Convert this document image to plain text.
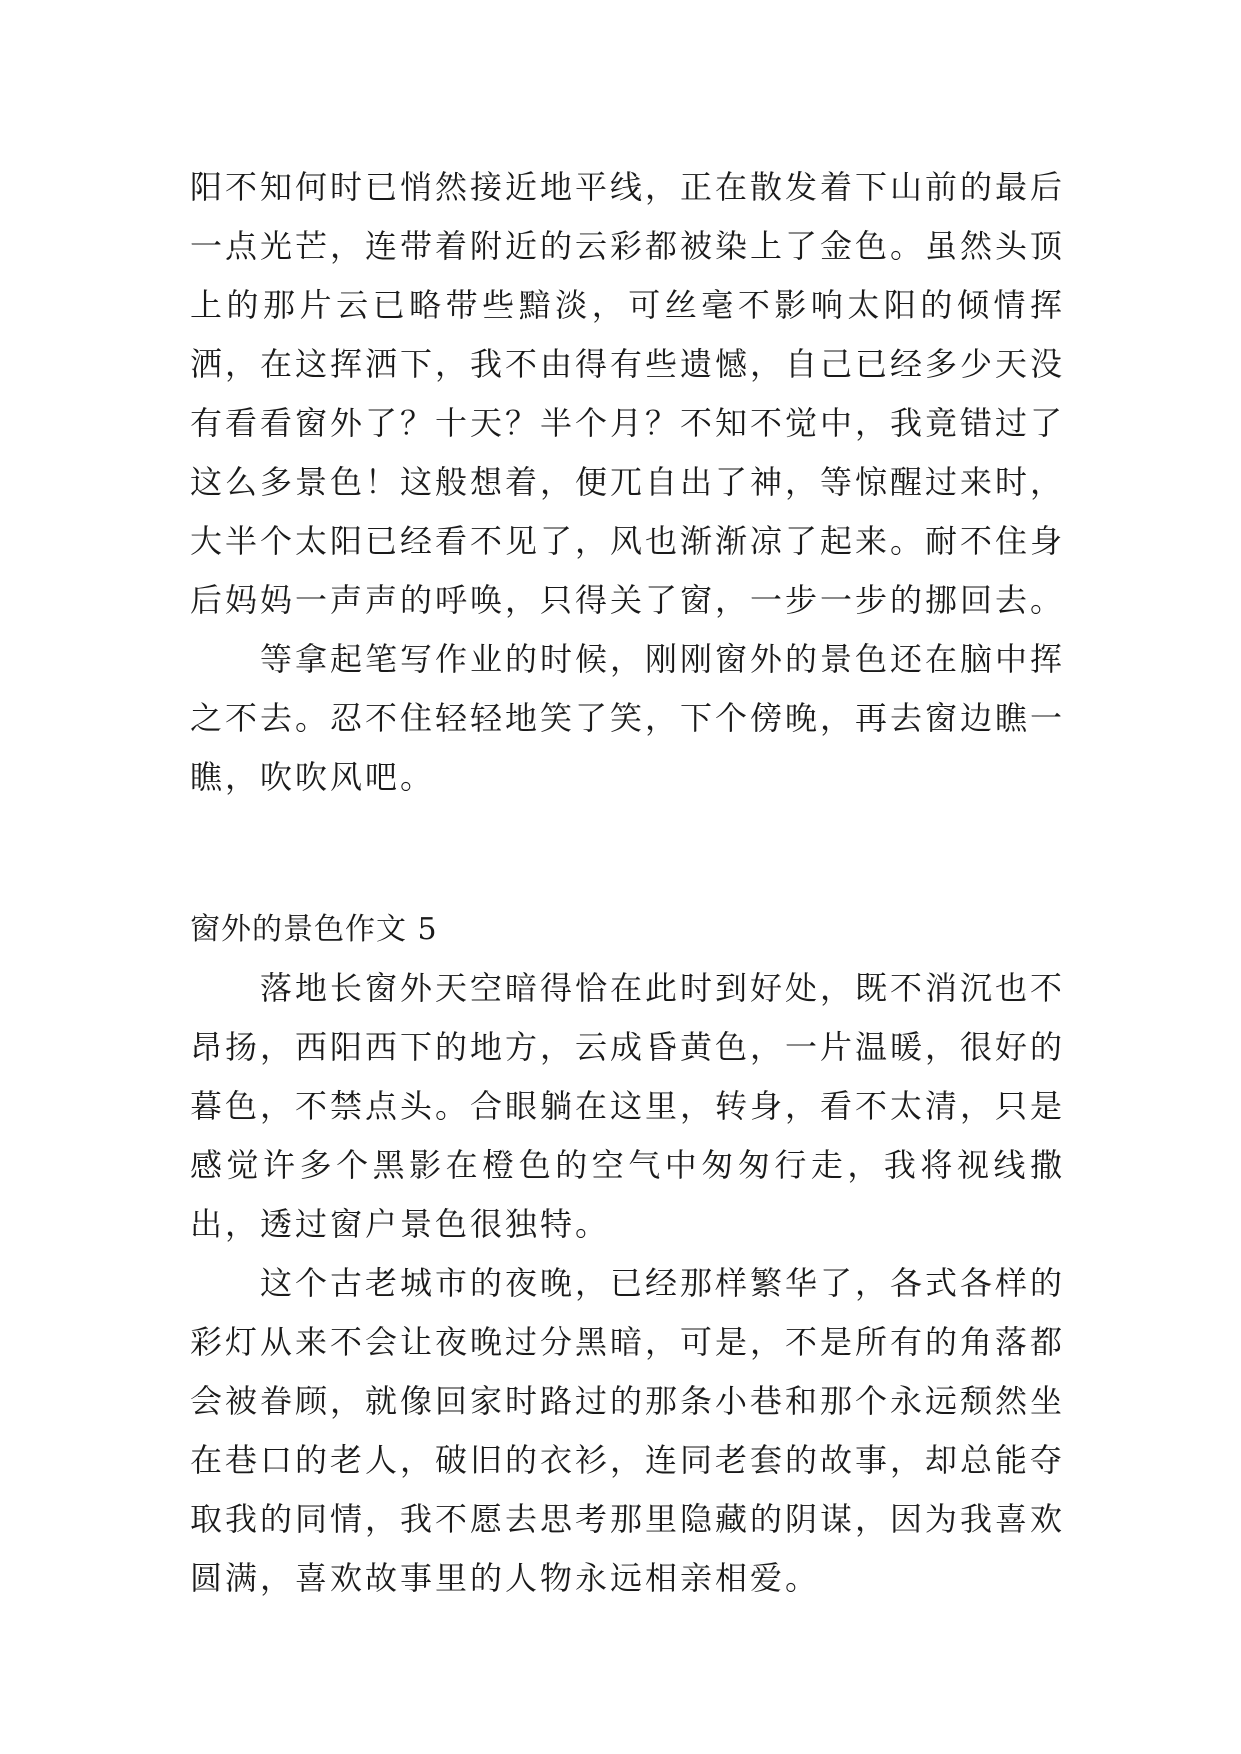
阳不知何时已悄然接近地平线，正在散发着下山前的最后一点光芒，连带着附近的云彩都被染上了金色。虽然头顶上的那片云已略带些黯淡，可丝毫不影响太阳的倾情挥洒，在这挥洒下，我不由得有些遗憾，自己已经多少天没有看看窗外了？十天？半个月？不知不觉中，我竟错过了这么多景色！这般想着，便兀自出了神，等惊醒过来时，大半个太阳已经看不见了，风也渐渐凉了起来。耐不住身后妈妈一声声的呼唤，只得关了窗，一步一步的挪回去。

等拿起笔写作业的时候，刚刚窗外的景色还在脑中挥之不去。忍不住轻轻地笑了笑，下个傍晚，再去窗边瞧一瞧，吹吹风吧。

窗外的景色作文 5

落地长窗外天空暗得恰在此时到好处，既不消沉也不昂扬，西阳西下的地方，云成昏黄色，一片温暖，很好的暮色，不禁点头。合眼躺在这里，转身，看不太清，只是感觉许多个黑影在橙色的空气中匆匆行走，我将视线撒出，透过窗户景色很独特。

这个古老城市的夜晚，已经那样繁华了，各式各样的彩灯从来不会让夜晚过分黑暗，可是，不是所有的角落都会被眷顾，就像回家时路过的那条小巷和那个永远颓然坐在巷口的老人，破旧的衣衫，连同老套的故事，却总能夺取我的同情，我不愿去思考那里隐藏的阴谋，因为我喜欢圆满，喜欢故事里的人物永远相亲相爱。
